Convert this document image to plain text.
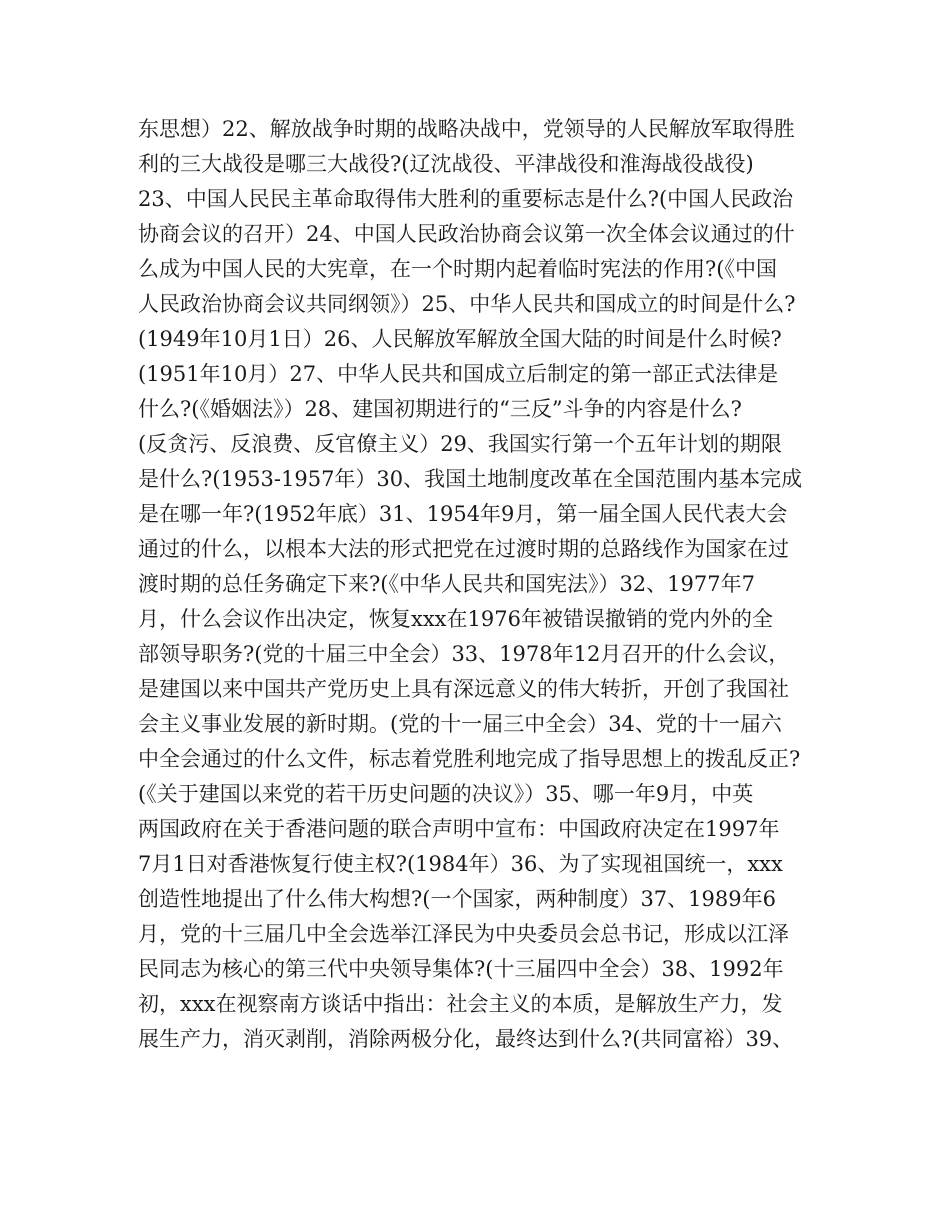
东思想）22、解放战争时期的战略决战中，党领导的人民解放军取得胜
利的三大战役是哪三大战役?(辽沈战役、平津战役和淮海战役战役)
23、中国人民民主革命取得伟大胜利的重要标志是什么?(中国人民政治
协商会议的召开）24、中国人民政治协商会议第一次全体会议通过的什
么成为中国人民的大宪章，在一个时期内起着临时宪法的作用?(《中国
人民政治协商会议共同纲领》）25、中华人民共和国成立的时间是什么?
(1949年10月1日）26、人民解放军解放全国大陆的时间是什么时候?
(1951年10月）27、中华人民共和国成立后制定的第一部正式法律是
什么?(《婚姻法》）28、建国初期进行的“三反”斗争的内容是什么?
(反贪污、反浪费、反官僚主义）29、我国实行第一个五年计划的期限
是什么?(1953-1957年）30、我国土地制度改革在全国范围内基本完成
是在哪一年?(1952年底）31、1954年9月，第一届全国人民代表大会
通过的什么，以根本大法的形式把党在过渡时期的总路线作为国家在过
渡时期的总任务确定下来?(《中华人民共和国宪法》）32、1977年7
月，什么会议作出决定，恢复xxx在1976年被错误撤销的党内外的全
部领导职务?(党的十届三中全会）33、1978年12月召开的什么会议，
是建国以来中国共产党历史上具有深远意义的伟大转折，开创了我国社
会主义事业发展的新时期。(党的十一届三中全会）34、党的十一届六
中全会通过的什么文件，标志着党胜利地完成了指导思想上的拨乱反正?
(《关于建国以来党的若干历史问题的决议》）35、哪一年9月，中英
两国政府在关于香港问题的联合声明中宣布：中国政府决定在1997年
7月1日对香港恢复行使主权?(1984年）36、为了实现祖国统一，xxx
创造性地提出了什么伟大构想?(一个国家，两种制度）37、1989年6
月，党的十三届几中全会选举江泽民为中央委员会总书记，形成以江泽
民同志为核心的第三代中央领导集体?(十三届四中全会）38、1992年
初，xxx在视察南方谈话中指出：社会主义的本质，是解放生产力，发
展生产力，消灭剥削，消除两极分化，最终达到什么?(共同富裕）39、
